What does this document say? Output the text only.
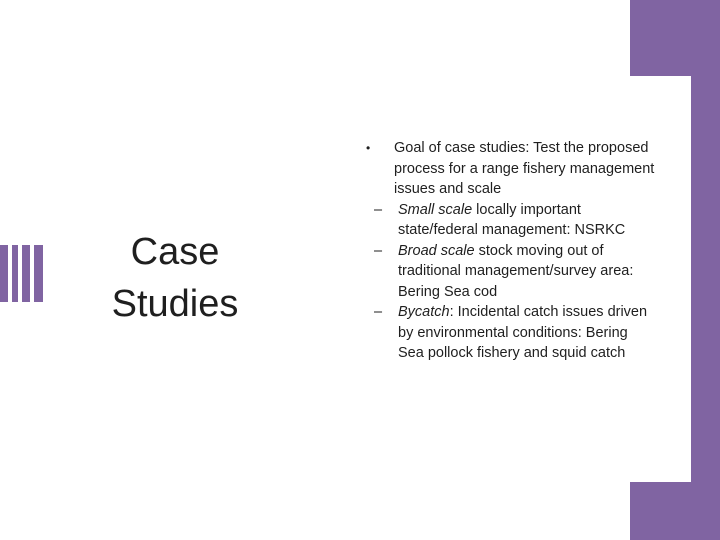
Case
Studies
• Goal of case studies: Test the proposed process for a range fishery management issues and scale
– Small scale locally important state/federal management: NSRKC
– Broad scale stock moving out of traditional management/survey area: Bering Sea cod
– Bycatch: Incidental catch issues driven by environmental conditions: Bering Sea pollock fishery and squid catch
